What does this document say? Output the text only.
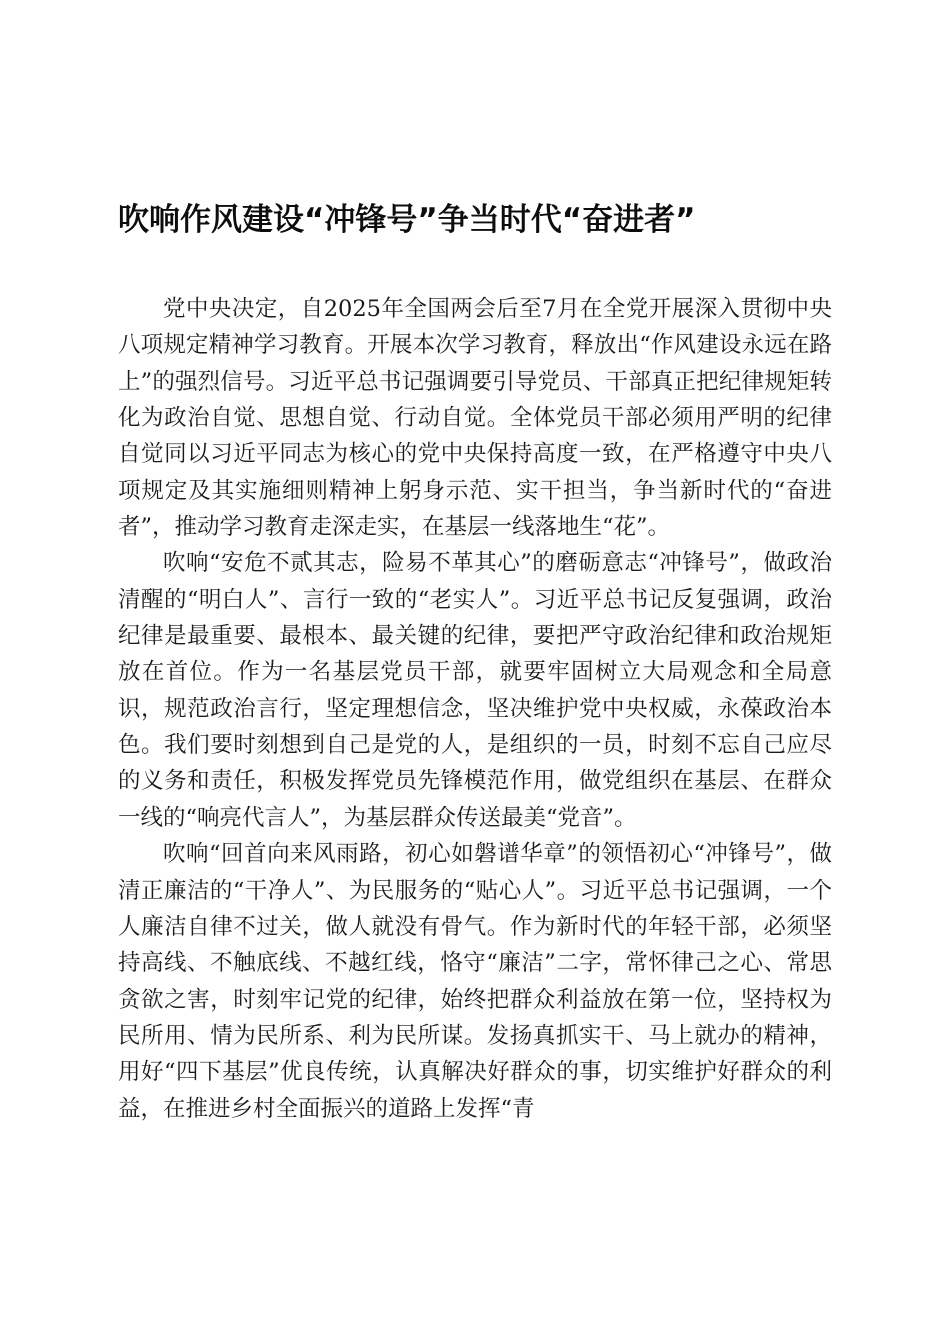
吹响作风建设“冲锋号”争当时代“奋进者”

党中央决定，自2025年全国两会后至7月在全党开展深入贯彻中央八项规定精神学习教育。开展本次学习教育，释放出“作风建设永远在路上”的强烈信号。习近平总书记强调要引导党员、干部真正把纪律规矩转化为政治自觉、思想自觉、行动自觉。全体党员干部必须用严明的纪律自觉同以习近平同志为核心的党中央保持高度一致，在严格遵守中央八项规定及其实施细则精神上躬身示范、实干担当，争当新时代的“奋进者”，推动学习教育走深走实，在基层一线落地生“花”。

吹响“安危不贰其志，险易不革其心”的磨砺意志“冲锋号”，做政治清醒的“明白人”、言行一致的“老实人”。习近平总书记反复强调，政治纪律是最重要、最根本、最关键的纪律，要把严守政治纪律和政治规矩放在首位。作为一名基层党员干部，就要牢固树立大局观念和全局意识，规范政治言行，坚定理想信念，坚决维护党中央权威，永葆政治本色。我们要时刻想到自己是党的人，是组织的一员，时刻不忘自己应尽的义务和责任，积极发挥党员先锋模范作用，做党组织在基层、在群众一线的“响亮代言人”，为基层群众传送最美“党音”。

吹响“回首向来风雨路，初心如磐谱华章”的领悟初心“冲锋号”，做清正廉洁的“干净人”、为民服务的“贴心人”。习近平总书记强调，一个人廉洁自律不过关，做人就没有骨气。作为新时代的年轻干部，必须坚持高线、不触底线、不越红线，恪守“廉洁”二字，常怀律己之心、常思贪欲之害，时刻牢记党的纪律，始终把群众利益放在第一位，坚持权为民所用、情为民所系、利为民所谋。发扬真抓实干、马上就办的精神，用好“四下基层”优良传统，认真解决好群众的事，切实维护好群众的利益，在推进乡村全面振兴的道路上发挥“青
